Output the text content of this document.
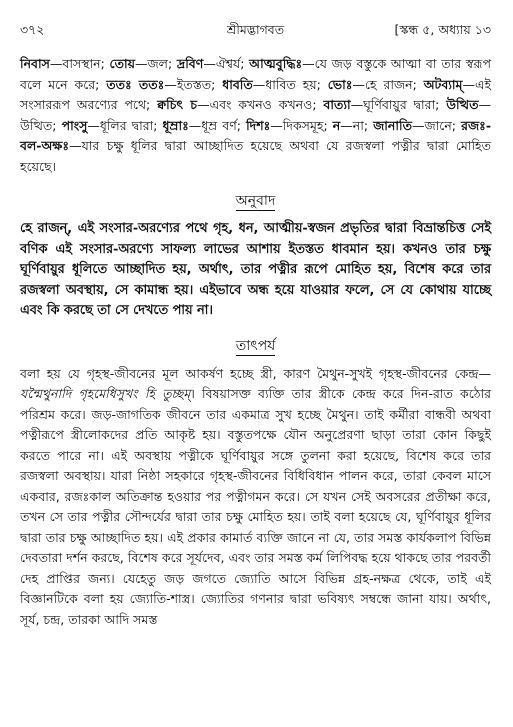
৩৭২	শ্রীমদ্ভাগবত	[স্কন্ধ ৫, অধ্যায় ১৩
নিবাস—বাসস্থান; তোয়—জল; দ্রবিণ—ঐশ্বর্য; আত্মবুদ্ধিঃ—যে জড় বস্তুকে আত্মা বা তার স্বরূপ বলে মনে করে; ততঃ ততঃ—ইতস্তত; ধাবতি—ধাবিত হয়; ভোঃ—হে রাজন; অটব্যাম্—এই সংসাররূপ অরণ্যের পথে; ক্বচিৎ চ—এবং কখনও কখনও; বাত্যা—ঘূর্ণিবায়ুর দ্বারা; উত্থিত—উত্থিত; পাংসু—ধূলির দ্বারা; ধূম্রাঃ—ধূম্র বর্ণ; দিশঃ—দিকসমূহ; ন—না; জানাতি—জানে; রজঃ-বল-অক্ষঃ—যার চক্ষু ধূলির দ্বারা আচ্ছাদিত হয়েছে অথবা যে রজস্বলা পত্নীর দ্বারা মোহিত হয়েছে।
অনুবাদ
হে রাজন্, এই সংসার-অরণ্যের পথে গৃহ, ধন, আত্মীয়-স্বজন প্রভৃতির দ্বারা বিভ্রান্তচিত্ত সেই বণিক এই সংসার-অরণ্যে সাফল্য লাভের আশায় ইতস্তত ধাবমান হয়। কখনও তার চক্ষু ঘূর্ণিবায়ুর ধূলিতে আচ্ছাদিত হয়, অর্থাৎ, তার পত্নীর রূপে মোহিত হয়, বিশেষ করে তার রজস্বলা অবস্থায়, সে কামান্ধ হয়। এইভাবে অন্ধ হয়ে যাওয়ার ফলে, সে যে কোথায় যাচ্ছে এবং কি করছে তা সে দেখতে পায় না।
তাৎপর্য
বলা হয় যে গৃহস্থ-জীবনের মূল আকর্ষণ হচ্ছে স্ত্রী, কারণ মৈথুন-সুখই গৃহস্থ-জীবনের কেন্দ্র—যন্মৈথুনাদি গৃহমেধিসুখং হি তুচ্ছম্। বিষয়াসক্ত ব্যক্তি তার স্ত্রীকে কেন্দ্র করে দিন-রাত কঠোর পরিশ্রম করে। জড়-জাগতিক জীবনে তার একমাত্র সুখ হচ্ছে মৈথুন। তাই কর্মীরা বান্ধবী অথবা পত্নীরূপে স্ত্রীলোকদের প্রতি আকৃষ্ট হয়। বস্তুতপক্ষে যৌন অনুপ্রেরণা ছাড়া তারা কোন কিছুই করতে পারে না। এই অবস্থায় পত্নীকে ঘূর্ণিবায়ুর সঙ্গে তুলনা করা হয়েছে, বিশেষ করে তার রজস্বলা অবস্থায়। যারা নিষ্ঠা সহকারে গৃহস্থ-জীবনের বিধিবিধান পালন করে, তারা কেবল মাসে একবার, রজঃকাল অতিক্রান্ত হওয়ার পর পত্নীগমন করে। সে যখন সেই অবসরের প্রতীক্ষা করে, তখন সে তার পত্নীর সৌন্দর্যের দ্বারা তার চক্ষু মোহিত হয়। তাই বলা হয়েছে যে, ঘূর্ণিবায়ুর ধূলির দ্বারা তার চক্ষু আচ্ছাদিত হয়। এই প্রকার কামার্ত ব্যক্তি জানে না যে, তার সমস্ত কার্যকলাপ বিভিন্ন দেবতারা দর্শন করছে, বিশেষ করে সূর্যদেব, এবং তার সমস্ত কর্ম লিপিবদ্ধ হয়ে থাকছে তার পরবর্তী দেহ প্রাপ্তির জন্য। যেহেতু জড় জগতে জ্যোতি আসে বিভিন্ন গ্রহ-নক্ষত্র থেকে, তাই এই বিজ্ঞানটিকে বলা হয় জ্যোতি-শাস্ত্র। জ্যোতির গণনার দ্বারা ভবিষ্যৎ সম্বন্ধে জানা যায়। অর্থাৎ, সূর্য, চন্দ্র, তারকা আদি সমস্ত
